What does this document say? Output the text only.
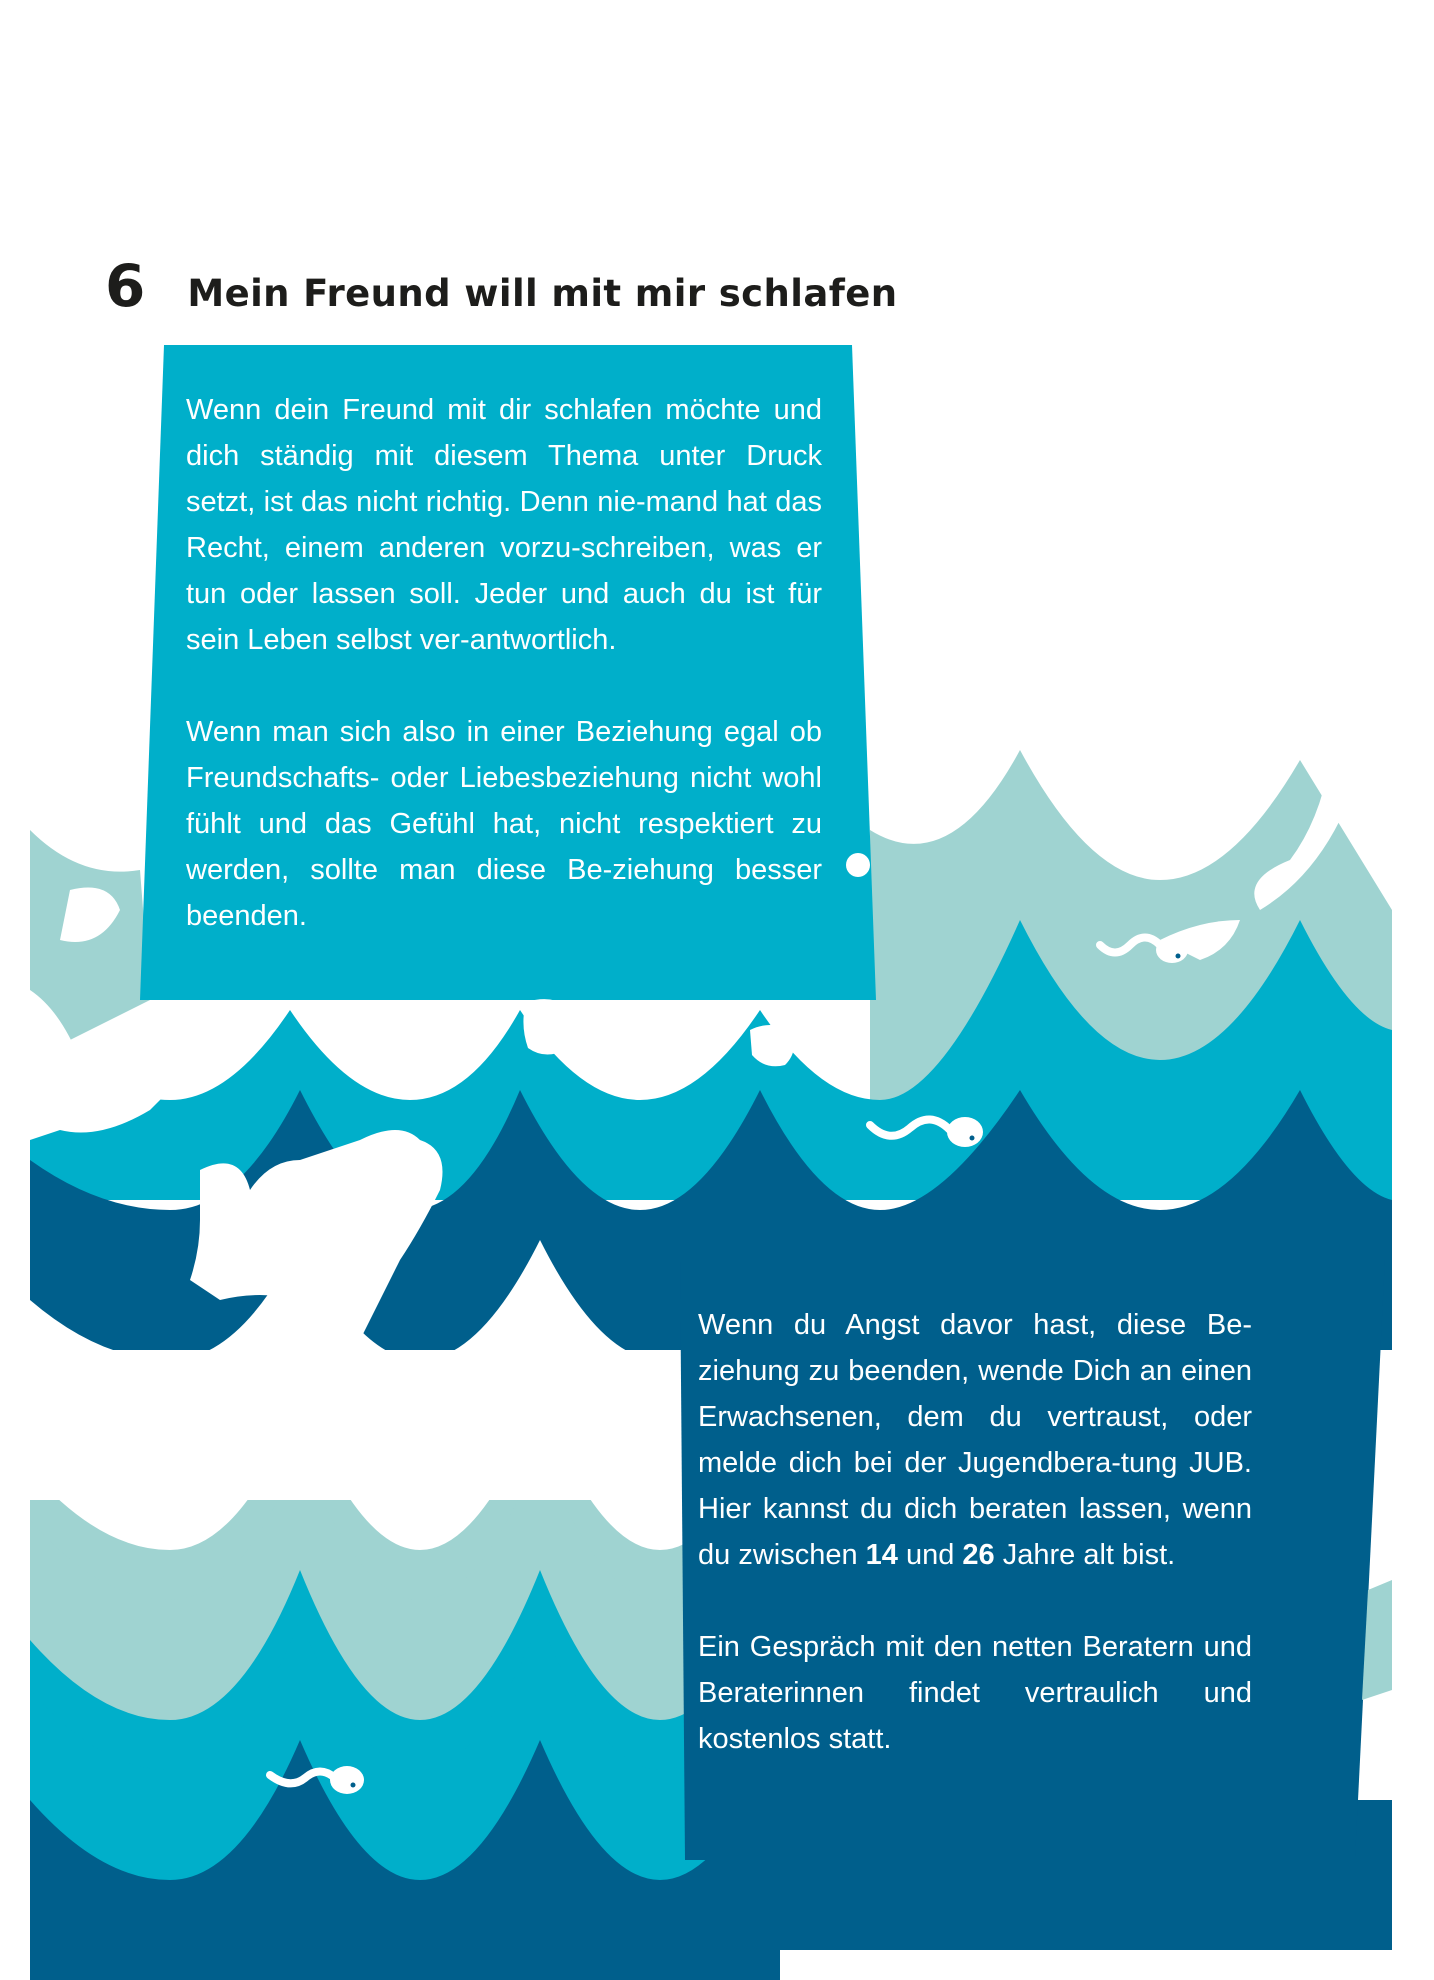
6 Mein Freund will mit mir schlafen

Wenn dein Freund mit dir schlafen möchte und dich ständig mit diesem Thema unter Druck setzt, ist das nicht richtig. Denn nie-mand hat das Recht, einem anderen vorzu-schreiben, was er tun oder lassen soll. Jeder und auch du ist für sein Leben selbst ver-antwortlich.

Wenn man sich also in einer Beziehung egal ob Freundschafts- oder Liebesbeziehung nicht wohl fühlt und das Gefühl hat, nicht respektiert zu werden, sollte man diese Be-ziehung besser beenden.

Wenn du Angst davor hast, diese Be-ziehung zu beenden, wende Dich an einen Erwachsenen, dem du vertraust, oder melde dich bei der Jugendbera-tung JUB. Hier kannst du dich beraten lassen, wenn du zwischen 14 und 26 Jahre alt bist.

Ein Gespräch mit den netten Beratern und Beraterinnen findet vertraulich und kostenlos statt.
